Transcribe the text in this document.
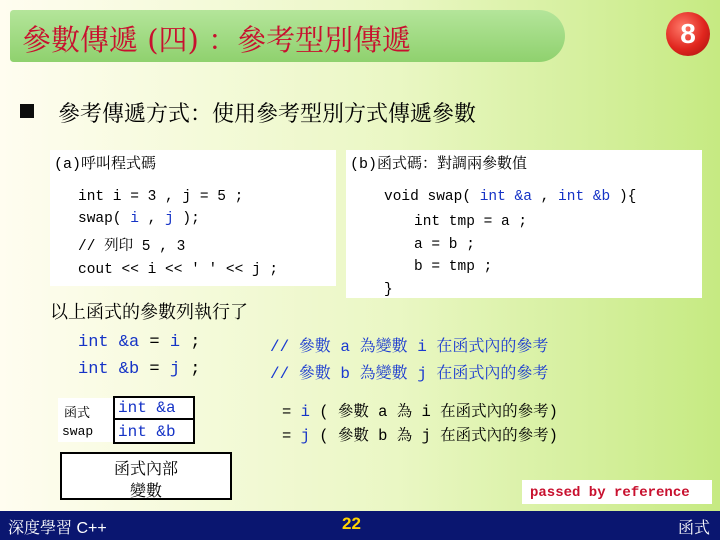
參數傳遞 (四) ：參考型別傳遞	8
參考傳遞方式：使用參考型別方式傳遞參數
(a)呼叫程式碼
int i = 3 , j = 5 ;
swap( i , j );
// 列印 5 , 3
cout << i << ' ' << j ;
(b)函式碼：對調兩參數值
void swap( int &a , int &b ){
int tmp = a ;
a = b ;
b = tmp ;
}
以上函式的參數列執行了
int &a = i ;
int &b = j ;
// 參數 a 為變數 i 在函式內的參考
// 參數 b 為變數 j 在函式內的參考
函式
swap
int &a
int &b
= i ( 參數 a 為 i 在函式內的參考)
= j ( 參數 b 為 j 在函式內的參考)
函式內部
變數	passed by reference
深度學習 C++	22	函式
